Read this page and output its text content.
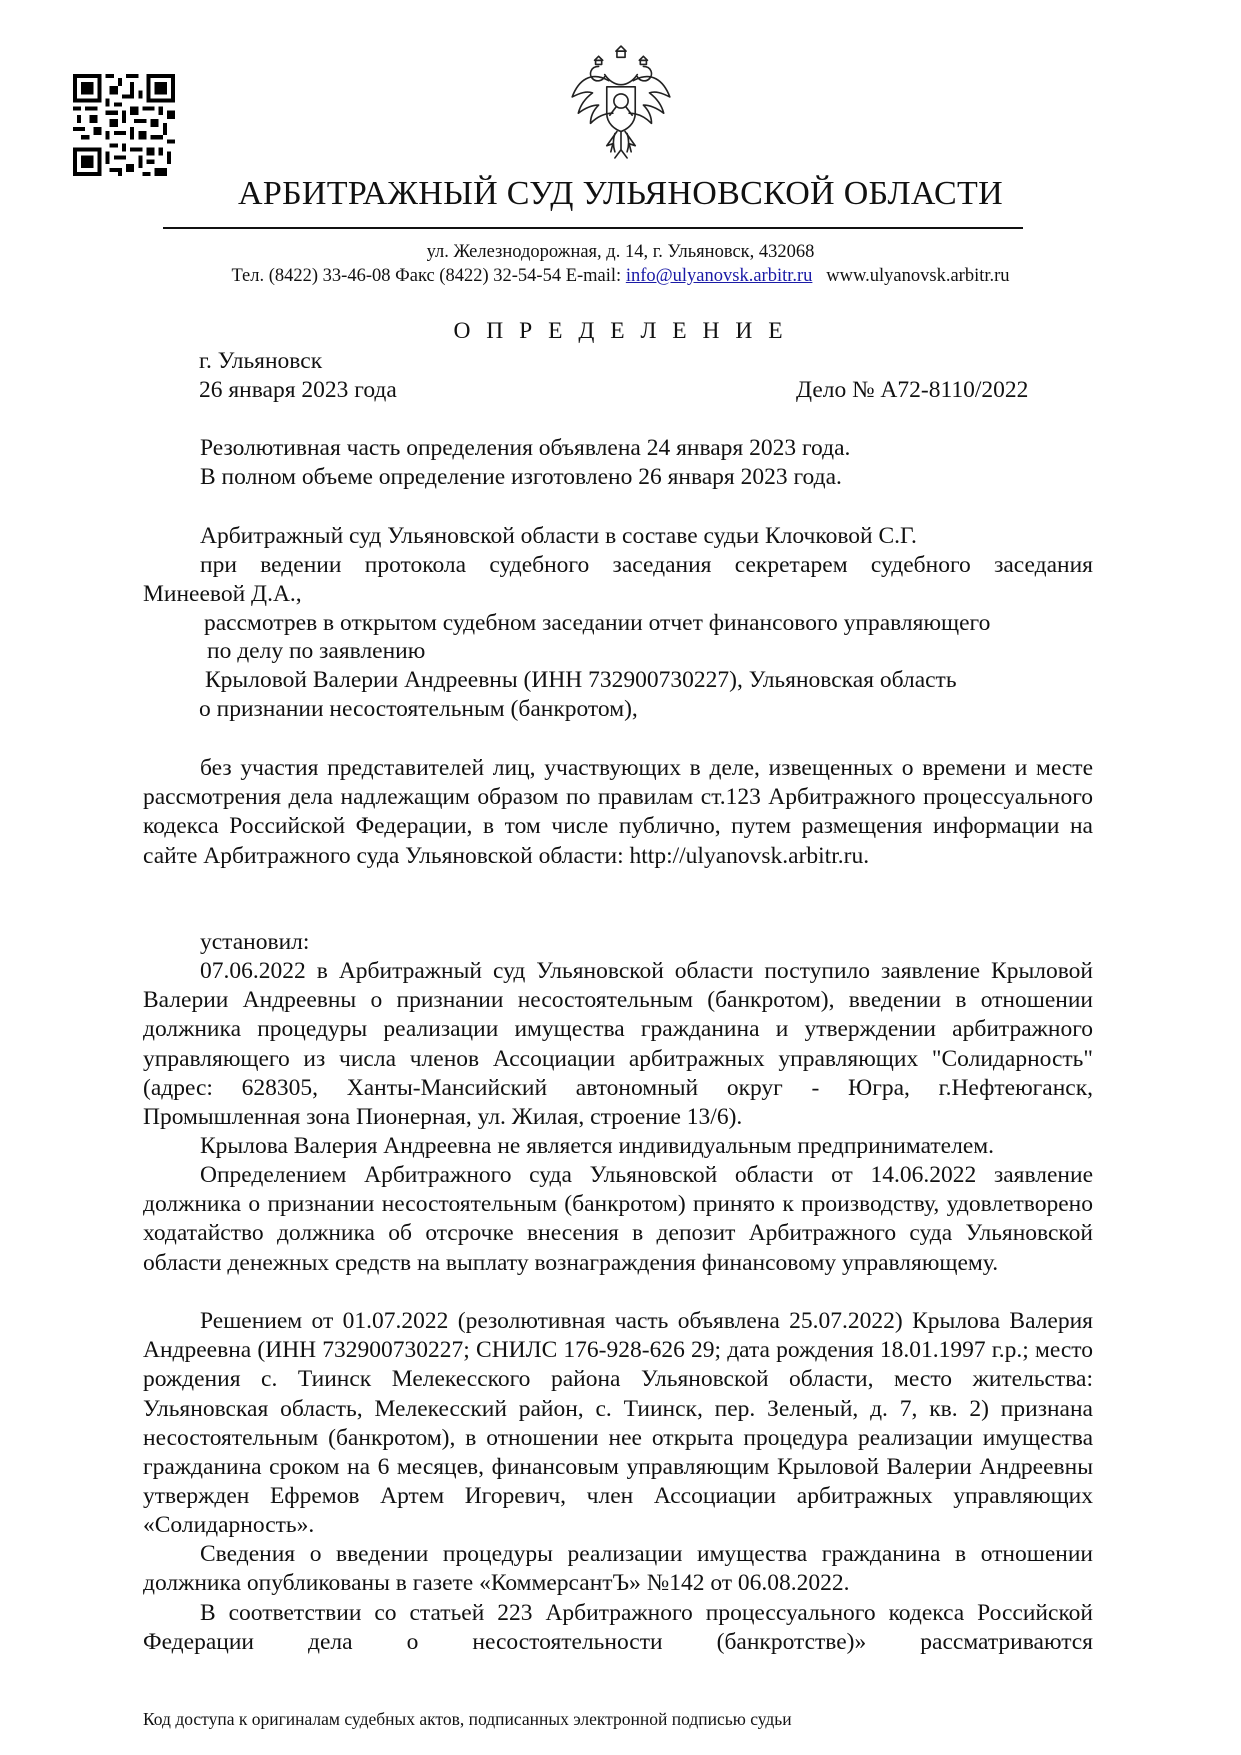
АРБИТРАЖНЫЙ СУД УЛЬЯНОВСКОЙ ОБЛАСТИ
ул. Железнодорожная, д. 14, г. Ульяновск, 432068
Тел. (8422) 33-46-08 Факс (8422) 32-54-54 E-mail: info@ulyanovsk.arbitr.ru www.ulyanovsk.arbitr.ru
О П Р Е Д Е Л Е Н И Е
г. Ульяновск
26 января 2023 года	Дело № А72-8110/2022
Резолютивная часть определения объявлена 24 января 2023 года.
В полном объеме определение изготовлено 26 января 2023 года.
Арбитражный суд Ульяновской области в составе судьи Клочковой С.Г.
при ведении протокола судебного заседания секретарем судебного заседания
Минеевой Д.А.,
рассмотрев в открытом судебном заседании отчет финансового управляющего
по делу по заявлению
Крыловой Валерии Андреевны (ИНН 732900730227), Ульяновская область
о признании несостоятельным (банкротом),
без участия представителей лиц, участвующих в деле, извещенных о времени и месте рассмотрения дела надлежащим образом по правилам ст.123 Арбитражного процессуального кодекса Российской Федерации, в том числе публично, путем размещения информации на сайте Арбитражного суда Ульяновской области: http://ulyanovsk.arbitr.ru.
установил:
07.06.2022 в Арбитражный суд Ульяновской области поступило заявление Крыловой Валерии Андреевны о признании несостоятельным (банкротом), введении в отношении должника процедуры реализации имущества гражданина и утверждении арбитражного управляющего из числа членов Ассоциации арбитражных управляющих "Солидарность" (адрес: 628305, Ханты-Мансийский автономный округ - Югра, г.Нефтеюганск, Промышленная зона Пионерная, ул. Жилая, строение 13/6).
Крылова Валерия Андреевна не является индивидуальным предпринимателем.
Определением Арбитражного суда Ульяновской области от 14.06.2022 заявление должника о признании несостоятельным (банкротом) принято к производству, удовлетворено ходатайство должника об отсрочке внесения в депозит Арбитражного суда Ульяновской области денежных средств на выплату вознаграждения финансовому управляющему.
Решением от 01.07.2022 (резолютивная часть объявлена 25.07.2022) Крылова Валерия Андреевна (ИНН 732900730227; СНИЛС 176-928-626 29; дата рождения 18.01.1997 г.р.; место рождения с. Тиинск Мелекесского района Ульяновской области, место жительства: Ульяновская область, Мелекесский район, с. Тиинск, пер. Зеленый, д. 7, кв. 2) признана несостоятельным (банкротом), в отношении нее открыта процедура реализации имущества гражданина сроком на 6 месяцев, финансовым управляющим Крыловой Валерии Андреевны утвержден Ефремов Артем Игоревич, член Ассоциации арбитражных управляющих «Солидарность».
Сведения о введении процедуры реализации имущества гражданина в отношении должника опубликованы в газете «КоммерсантЪ» №142 от 06.08.2022.
В соответствии со статьей 223 Арбитражного процессуального кодекса Российской Федерации дела о несостоятельности (банкротстве)» рассматриваются
Код доступа к оригиналам судебных актов, подписанных электронной подписью судьи
